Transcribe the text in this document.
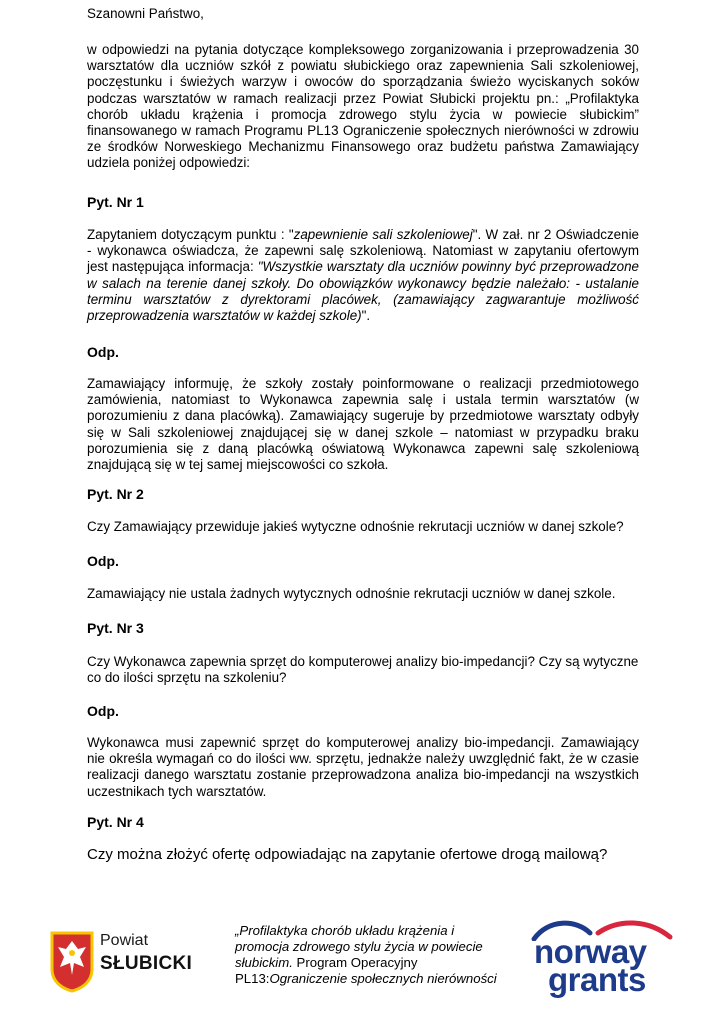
Szanowni Państwo,
w odpowiedzi na pytania dotyczące kompleksowego zorganizowania i przeprowadzenia 30 warsztatów dla uczniów szkół z powiatu słubickiego oraz zapewnienia Sali szkoleniowej, poczęstunku i świeżych warzyw i owoców do sporządzania świeżo wyciskanych soków podczas warsztatów w ramach realizacji przez Powiat Słubicki projektu pn.: „Profilaktyka chorób układu krążenia i promocja zdrowego stylu życia w powiecie słubickim” finansowanego w ramach Programu PL13 Ograniczenie społecznych nierówności w zdrowiu ze środków Norweskiego Mechanizmu Finansowego oraz budżetu państwa Zamawiający udziela poniżej odpowiedzi:
Pyt. Nr 1
Zapytaniem dotyczącym punktu : "zapewnienie sali szkoleniowej". W zał. nr 2 Oświadczenie - wykonawca oświadcza, że zapewni salę szkoleniową. Natomiast w zapytaniu ofertowym jest następująca informacja: "Wszystkie warsztaty dla uczniów powinny być przeprowadzone w salach na terenie danej szkoły. Do obowiązków wykonawcy będzie należało: - ustalanie terminu warsztatów z dyrektorami placówek, (zamawiający zagwarantuje możliwość przeprowadzenia warsztatów w każdej szkole)".
Odp.
Zamawiający informuję, że szkoły zostały poinformowane o realizacji przedmiotowego zamówienia, natomiast to Wykonawca zapewnia salę i ustala termin warsztatów (w porozumieniu z dana placówką). Zamawiający sugeruje by przedmiotowe warsztaty odbyły się w Sali szkoleniowej znajdującej się w danej szkole – natomiast w przypadku braku porozumienia się z daną placówką oświatową Wykonawca zapewni salę szkoleniową znajdującą się w tej samej miejscowości co szkoła.
Pyt. Nr 2
Czy Zamawiający przewiduje jakieś wytyczne odnośnie rekrutacji uczniów w danej szkole?
Odp.
Zamawiający nie ustala żadnych wytycznych odnośnie rekrutacji uczniów w danej szkole.
Pyt. Nr 3
Czy Wykonawca zapewnia sprzęt do komputerowej analizy bio-impedancji? Czy są wytyczne co do ilości sprzętu na szkoleniu?
Odp.
Wykonawca musi zapewnić sprzęt do komputerowej analizy bio-impedancji. Zamawiający nie określa wymagań co do ilości ww. sprzętu, jednakże należy uwzględnić fakt, że w czasie realizacji danego warsztatu zostanie przeprowadzona analiza bio-impedancji na wszystkich uczestnikach tych warsztatów.
Pyt. Nr 4
Czy można złożyć ofertę odpowiadając na zapytanie ofertowe drogą mailową?
Powiat
SŁUBICKI
„Profilaktyka chorób układu krążenia i
promocja zdrowego stylu życia w powiecie
słubickim. Program Operacyjny
PL13:Ograniczenie społecznych nierówności
norway
grants
